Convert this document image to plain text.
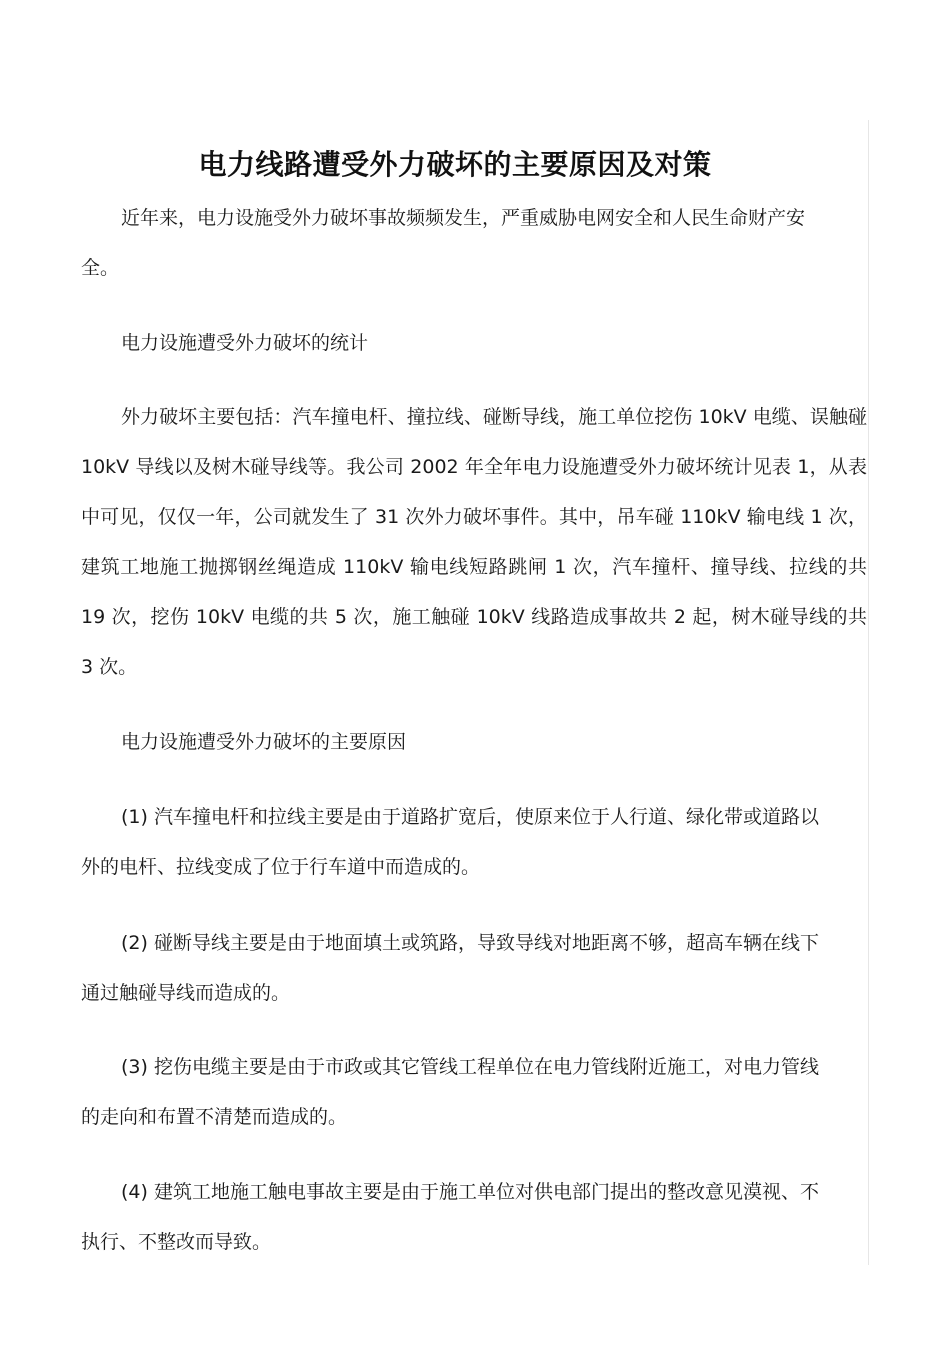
电力线路遭受外力破坏的主要原因及对策

近年来，电力设施受外力破坏事故频频发生，严重威胁电网安全和人民生命财产安全。

电力设施遭受外力破坏的统计

外力破坏主要包括：汽车撞电杆、撞拉线、碰断导线，施工单位挖伤 10kV 电缆、误触碰 10kV 导线以及树木碰导线等。我公司 2002 年全年电力设施遭受外力破坏统计见表 1，从表中可见，仅仅一年，公司就发生了 31 次外力破坏事件。其中，吊车碰 110kV 输电线 1 次，建筑工地施工抛掷钢丝绳造成 110kV 输电线短路跳闸 1 次，汽车撞杆、撞导线、拉线的共 19 次，挖伤 10kV 电缆的共 5 次，施工触碰 10kV 线路造成事故共 2 起，树木碰导线的共 3 次。

电力设施遭受外力破坏的主要原因

(1) 汽车撞电杆和拉线主要是由于道路扩宽后，使原来位于人行道、绿化带或道路以外的电杆、拉线变成了位于行车道中而造成的。

(2) 碰断导线主要是由于地面填土或筑路，导致导线对地距离不够，超高车辆在线下通过触碰导线而造成的。

(3) 挖伤电缆主要是由于市政或其它管线工程单位在电力管线附近施工，对电力管线的走向和布置不清楚而造成的。

(4) 建筑工地施工触电事故主要是由于施工单位对供电部门提出的整改意见漠视、不执行、不整改而导致。
